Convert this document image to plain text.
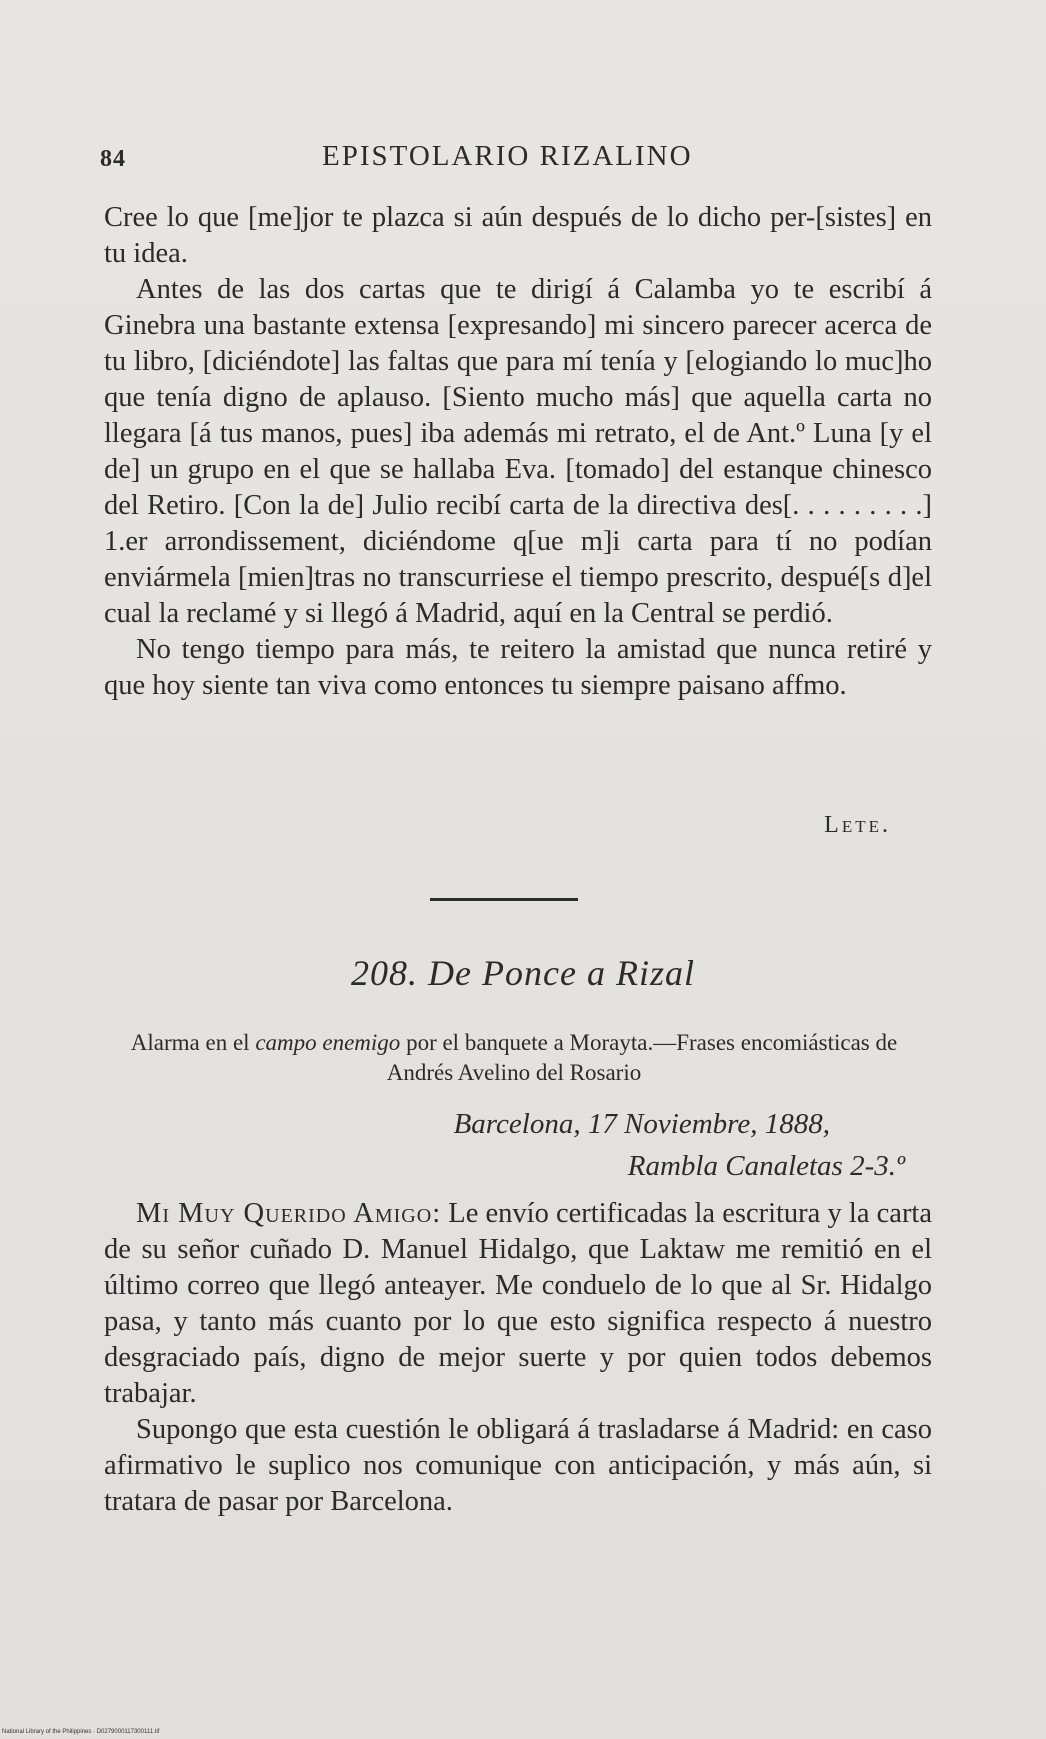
84	EPISTOLARIO RIZALINO

Cree lo que [me]jor te plazca si aún después de lo dicho per-[sistes] en tu idea.

Antes de las dos cartas que te dirigí á Calamba yo te escribí á Ginebra una bastante extensa [expresando] mi sincero parecer acerca de tu libro, [diciéndote] las faltas que para mí tenía y [elogiando lo muc]ho que tenía digno de aplauso. [Siento mucho más] que aquella carta no llegara [á tus manos, pues] iba además mi retrato, el de Ant.º Luna [y el de] un grupo en el que se hallaba Eva. [tomado] del estanque chinesco del Retiro. [Con la de] Julio recibí carta de la directiva des[. . . . . . . . .] 1.er arrondissement, diciéndome q[ue m]i carta para tí no podían enviármela [mien]tras no transcurriese el tiempo prescrito, despué[s d]el cual la reclamé y si llegó á Madrid, aquí en la Central se perdió.

No tengo tiempo para más, te reitero la amistad que nunca retiré y que hoy siente tan viva como entonces tu siempre paisano affmo.

Lete.
208. De Ponce a Rizal

Alarma en el campo enemigo por el banquete a Morayta.—Frases encomiásticas de Andrés Avelino del Rosario

Barcelona, 17 Noviembre, 1888,
Rambla Canaletas 2-3.º

Mi Muy Querido Amigo: Le envío certificadas la escritura y la carta de su señor cuñado D. Manuel Hidalgo, que Laktaw me remitió en el último correo que llegó anteayer. Me conduelo de lo que al Sr. Hidalgo pasa, y tanto más cuanto por lo que esto significa respecto á nuestro desgraciado país, digno de mejor suerte y por quien todos debemos trabajar.

Supongo que esta cuestión le obligará á trasladarse á Madrid: en caso afirmativo le suplico nos comunique con anticipación, y más aún, si tratara de pasar por Barcelona.

National Library of the Philippines · D0279000117300111.tif
